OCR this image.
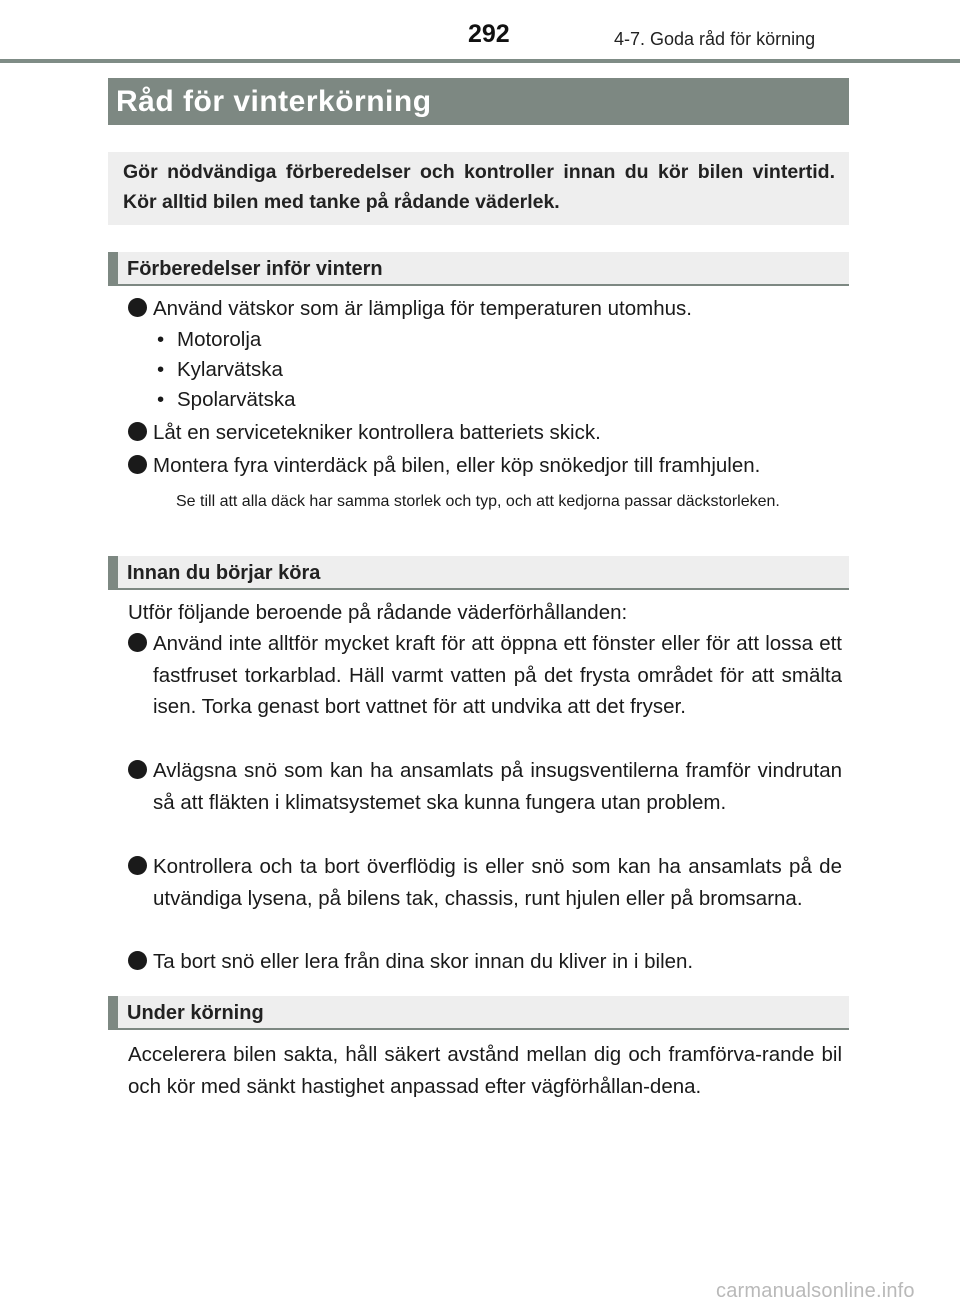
292	4-7. Goda råd för körning
Råd för vinterkörning
Gör nödvändiga förberedelser och kontroller innan du kör bilen vintertid. Kör alltid bilen med tanke på rådande väderlek.
Förberedelser inför vintern
Använd vätskor som är lämpliga för temperaturen utomhus.
• Motorolja
• Kylarvätska
• Spolarvätska
Låt en servicetekniker kontrollera batteriets skick.
Montera fyra vinterdäck på bilen, eller köp snökedjor till framhjulen.
Se till att alla däck har samma storlek och typ, och att kedjorna passar däckstorleken.
Innan du börjar köra
Utför följande beroende på rådande väderförhållanden:
Använd inte alltför mycket kraft för att öppna ett fönster eller för att lossa ett fastfruset torkarblad. Häll varmt vatten på det frysta området för att smälta isen. Torka genast bort vattnet för att undvika att det fryser.
Avlägsna snö som kan ha ansamlats på insugsventilerna framför vindrutan så att fläkten i klimatsystemet ska kunna fungera utan problem.
Kontrollera och ta bort överflödig is eller snö som kan ha ansamlats på de utvändiga lysena, på bilens tak, chassis, runt hjulen eller på bromsarna.
Ta bort snö eller lera från dina skor innan du kliver in i bilen.
Under körning
Accelerera bilen sakta, håll säkert avstånd mellan dig och framförva-rande bil och kör med sänkt hastighet anpassad efter vägförhållan-dena.
carmanualsonline.info
